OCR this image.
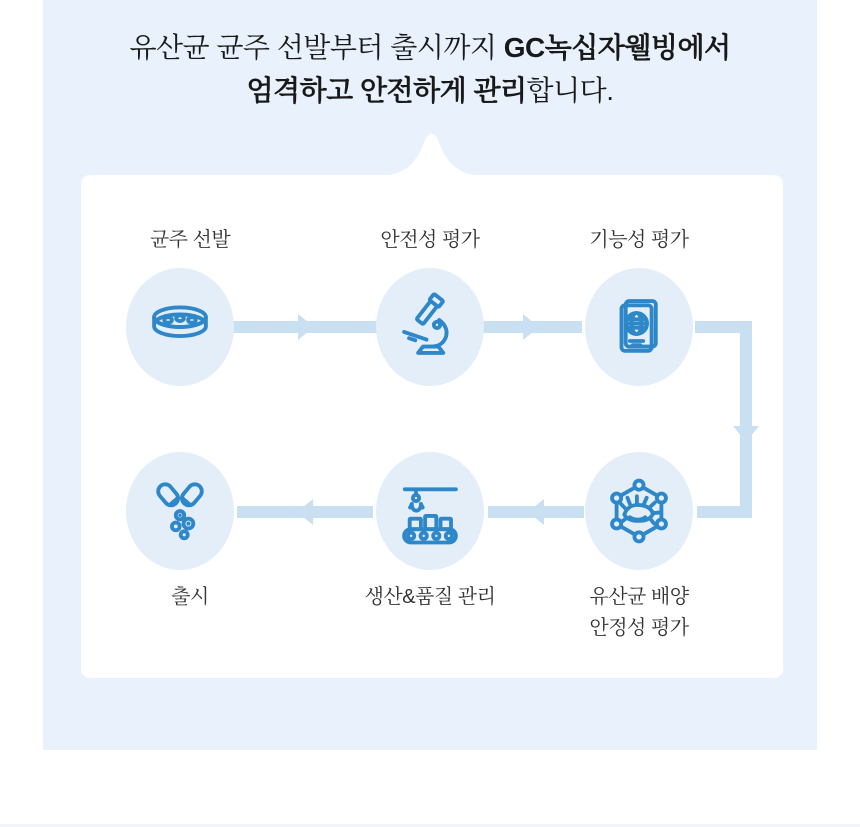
유산균 균주 선발부터 출시까지 GC녹십자웰빙에서
엄격하고 안전하게 관리합니다.
균주 선발	안전성 평가	기능성 평가
유산균 배양
안정성 평가
생산&품질 관리
출시
